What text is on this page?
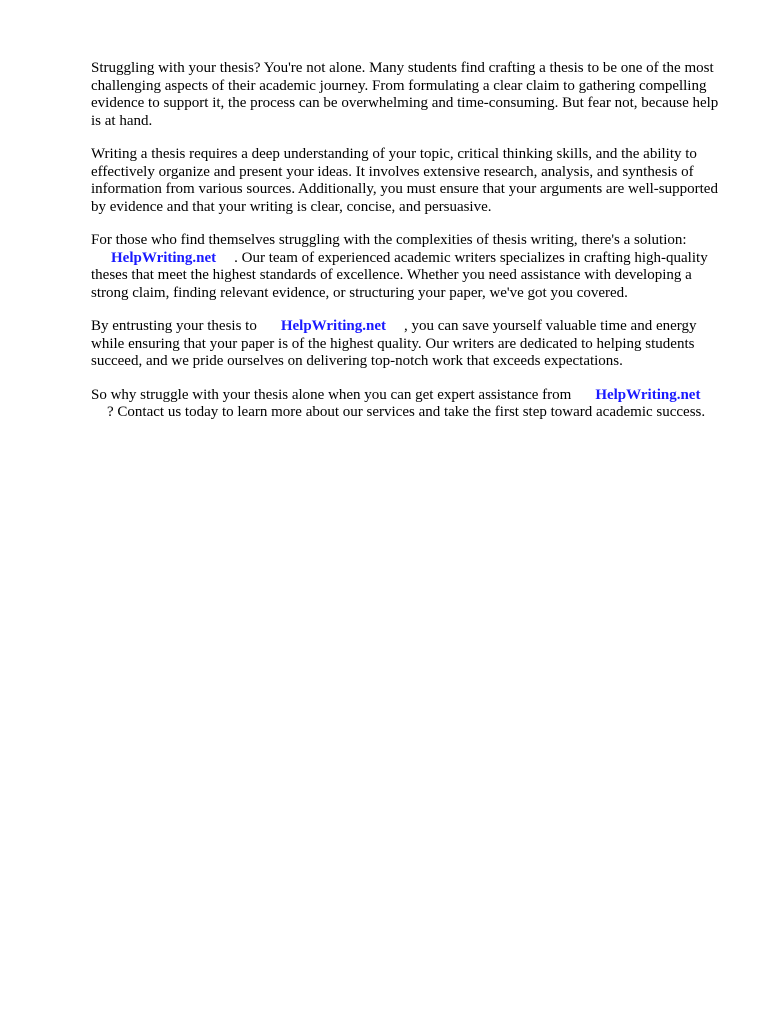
Struggling with your thesis? You're not alone. Many students find crafting a thesis to be one of the most challenging aspects of their academic journey. From formulating a clear claim to gathering compelling evidence to support it, the process can be overwhelming and time-consuming. But fear not, because help is at hand.

Writing a thesis requires a deep understanding of your topic, critical thinking skills, and the ability to effectively organize and present your ideas. It involves extensive research, analysis, and synthesis of information from various sources. Additionally, you must ensure that your arguments are well-supported by evidence and that your writing is clear, concise, and persuasive.

For those who find themselves struggling with the complexities of thesis writing, there's a solution:
HelpWriting.net . Our team of experienced academic writers specializes in crafting high-quality theses that meet the highest standards of excellence. Whether you need assistance with developing a strong claim, finding relevant evidence, or structuring your paper, we've got you covered.

By entrusting your thesis to HelpWriting.net , you can save yourself valuable time and energy while ensuring that your paper is of the highest quality. Our writers are dedicated to helping students succeed, and we pride ourselves on delivering top-notch work that exceeds expectations.

So why struggle with your thesis alone when you can get expert assistance from HelpWriting.net
? Contact us today to learn more about our services and take the first step toward academic success.
